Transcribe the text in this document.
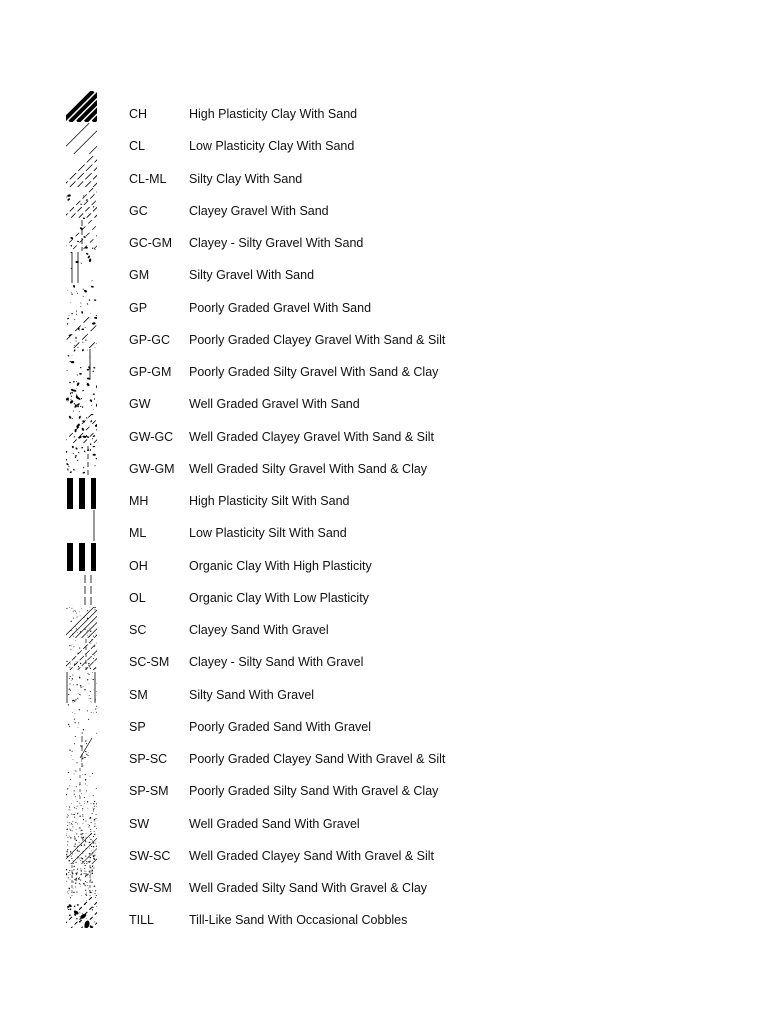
CH	High Plasticity Clay With Sand
CL	Low Plasticity Clay With Sand
CL-ML Silty Clay With Sand
GC	Clayey Gravel With Sand
GC-GM Clayey - Silty Gravel With Sand
GM	Silty Gravel With Sand
GP	Poorly Graded Gravel With Sand
GP-GC Poorly Graded Clayey Gravel With Sand & Silt
GP-GM Poorly Graded Silty Gravel With Sand & Clay
GW	Well Graded Gravel With Sand
GW-GC Well Graded Clayey Gravel With Sand & Silt
GW-GM Well Graded Silty Gravel With Sand & Clay
MH	High Plasticity Silt With Sand
ML	Low Plasticity Silt With Sand
OH	Organic Clay With High Plasticity
OL	Organic Clay With Low Plasticity
SC	Clayey Sand With Gravel
SC-SM Clayey - Silty Sand With Gravel
SM	Silty Sand With Gravel
SP	Poorly Graded Sand With Gravel
SP-SC Poorly Graded Clayey Sand With Gravel & Silt
SP-SM Poorly Graded Silty Sand With Gravel & Clay
SW	Well Graded Sand With Gravel
SW-SC Well Graded Clayey Sand With Gravel & Silt
SW-SM Well Graded Silty Sand With Gravel & Clay
TILL	Till-Like Sand With Occasional Cobbles
